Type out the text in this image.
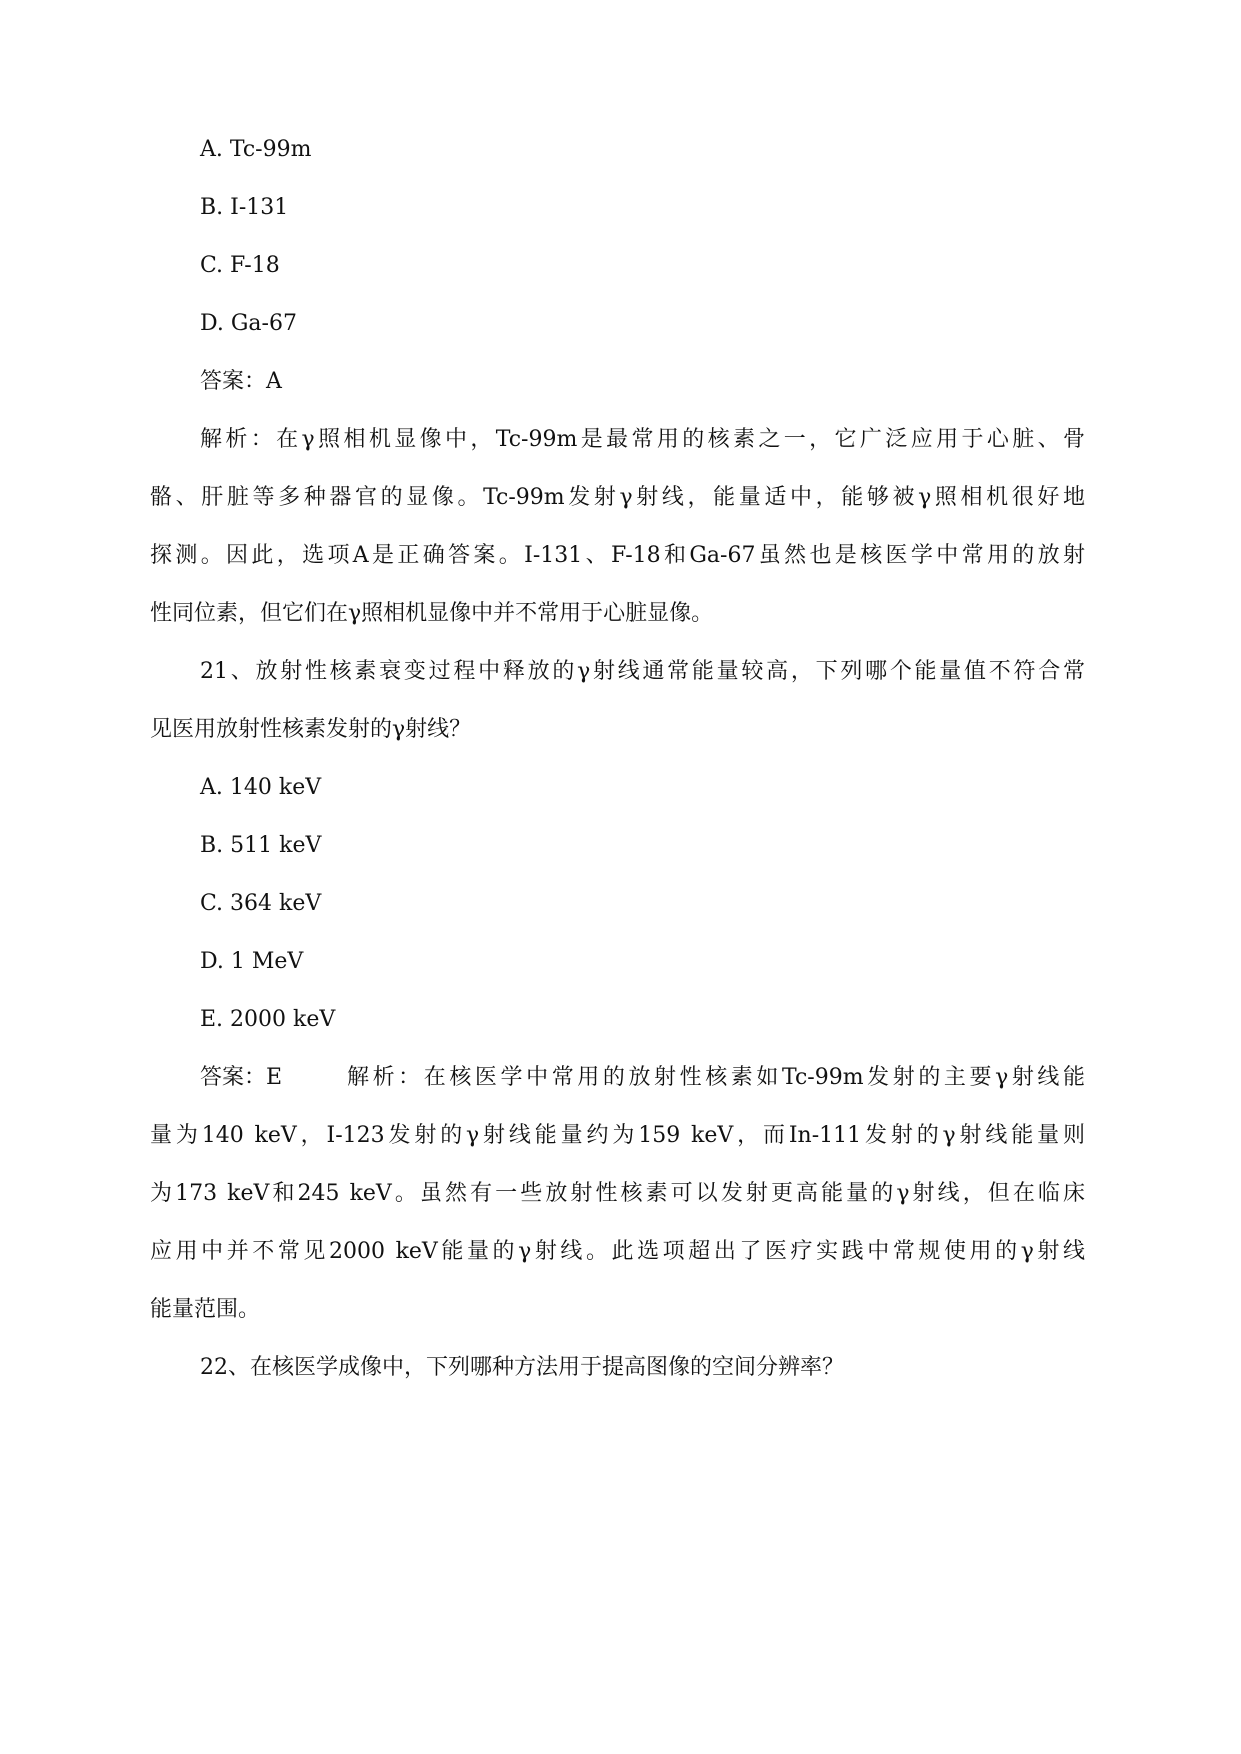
A. Tc-99m
B. I-131
C. F-18
D. Ga-67
答案：A
解析：在γ照相机显像中，Tc-99m是最常用的核素之一，它广泛应用于心脏、骨
骼、肝脏等多种器官的显像。Tc-99m发射γ射线，能量适中，能够被γ照相机很好地
探测。因此，选项A是正确答案。I-131、F-18和Ga-67虽然也是核医学中常用的放射
性同位素，但它们在γ照相机显像中并不常用于心脏显像。
21、放射性核素衰变过程中释放的γ射线通常能量较高，下列哪个能量值不符合常
见医用放射性核素发射的γ射线？
A. 140 keV
B. 511 keV
C. 364 keV
D. 1 MeV
E. 2000 keV
答案：E	解析：在核医学中常用的放射性核素如Tc-99m发射的主要γ射线能
量为140 keV，I-123发射的γ射线能量约为159 keV，而In-111发射的γ射线能量则
为173 keV和245 keV。虽然有一些放射性核素可以发射更高能量的γ射线，但在临床
应用中并不常见2000 keV能量的γ射线。此选项超出了医疗实践中常规使用的γ射线
能量范围。
22、在核医学成像中，下列哪种方法用于提高图像的空间分辨率？
